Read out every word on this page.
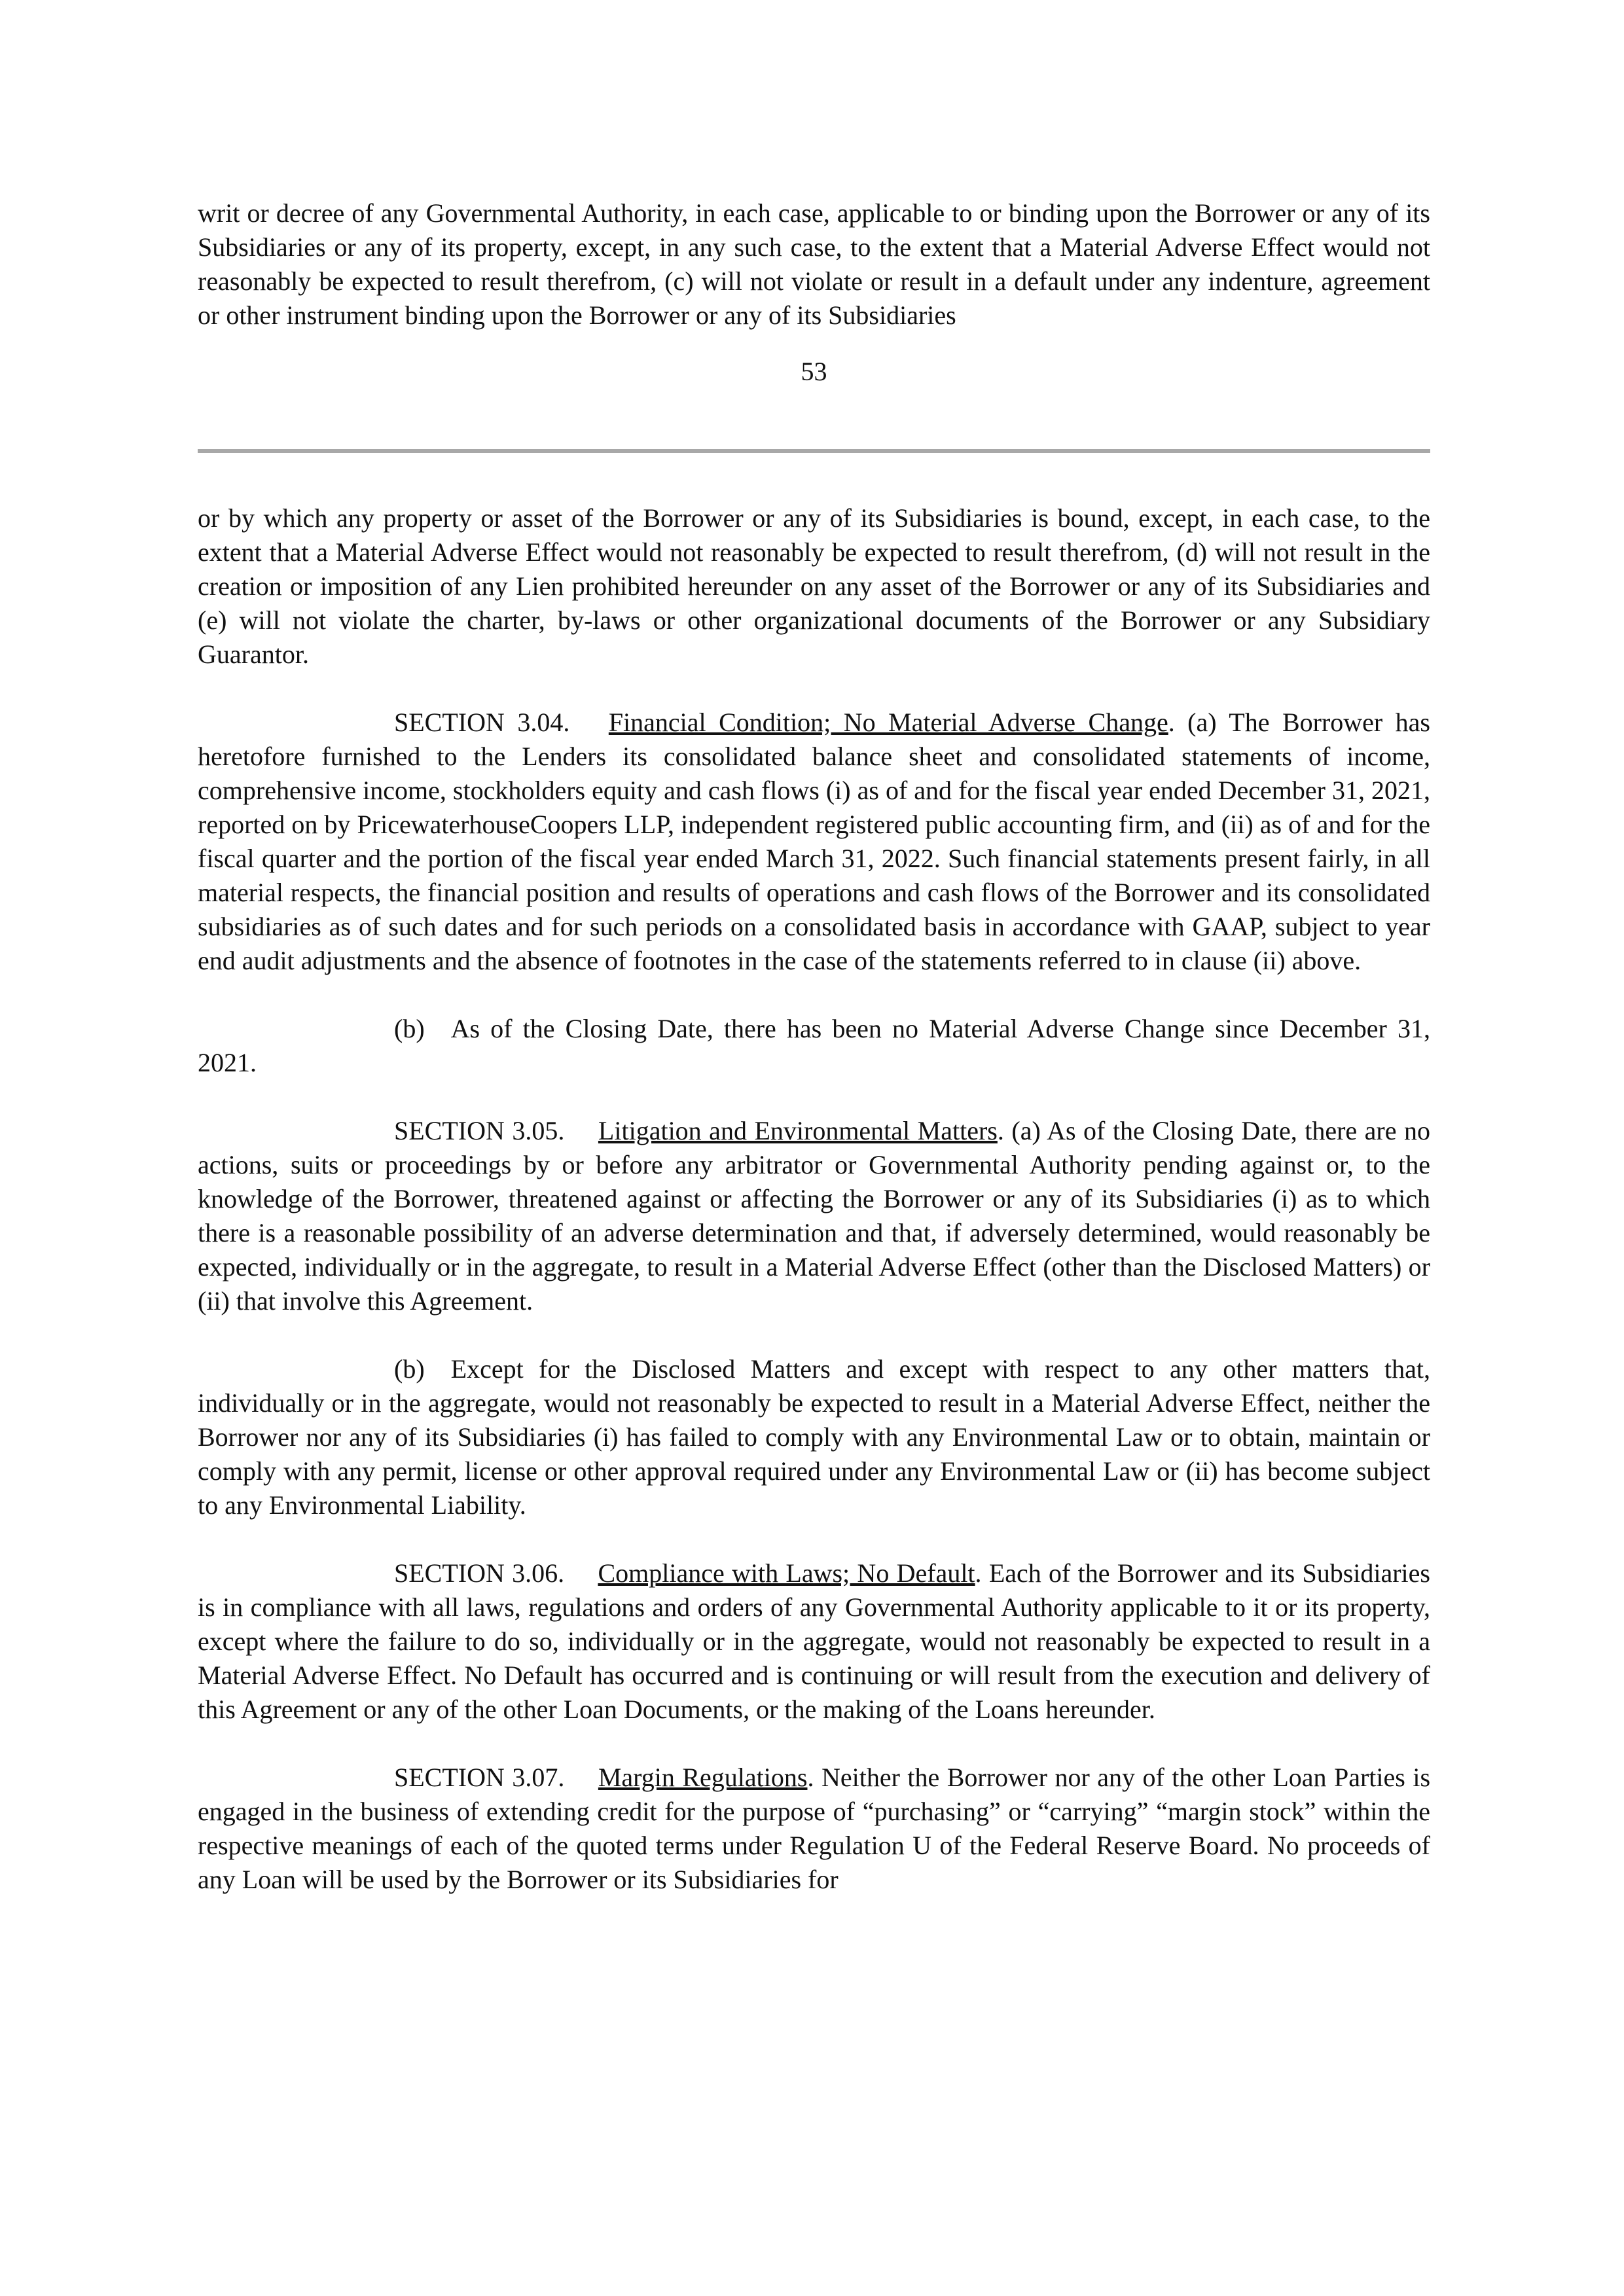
writ or decree of any Governmental Authority, in each case, applicable to or binding upon the Borrower or any of its Subsidiaries or any of its property, except, in any such case, to the extent that a Material Adverse Effect would not reasonably be expected to result therefrom, (c) will not violate or result in a default under any indenture, agreement or other instrument binding upon the Borrower or any of its Subsidiaries

53

or by which any property or asset of the Borrower or any of its Subsidiaries is bound, except, in each case, to the extent that a Material Adverse Effect would not reasonably be expected to result therefrom, (d) will not result in the creation or imposition of any Lien prohibited hereunder on any asset of the Borrower or any of its Subsidiaries and (e) will not violate the charter, by-laws or other organizational documents of the Borrower or any Subsidiary Guarantor.

SECTION 3.04.  Financial Condition; No Material Adverse Change. (a) The Borrower has heretofore furnished to the Lenders its consolidated balance sheet and consolidated statements of income, comprehensive income, stockholders equity and cash flows (i) as of and for the fiscal year ended December 31, 2021, reported on by PricewaterhouseCoopers LLP, independent registered public accounting firm, and (ii) as of and for the fiscal quarter and the portion of the fiscal year ended March 31, 2022. Such financial statements present fairly, in all material respects, the financial position and results of operations and cash flows of the Borrower and its consolidated subsidiaries as of such dates and for such periods on a consolidated basis in accordance with GAAP, subject to year end audit adjustments and the absence of footnotes in the case of the statements referred to in clause (ii) above.

(b) As of the Closing Date, there has been no Material Adverse Change since December 31, 2021.

SECTION 3.05.  Litigation and Environmental Matters. (a) As of the Closing Date, there are no actions, suits or proceedings by or before any arbitrator or Governmental Authority pending against or, to the knowledge of the Borrower, threatened against or affecting the Borrower or any of its Subsidiaries (i) as to which there is a reasonable possibility of an adverse determination and that, if adversely determined, would reasonably be expected, individually or in the aggregate, to result in a Material Adverse Effect (other than the Disclosed Matters) or (ii) that involve this Agreement.

(b) Except for the Disclosed Matters and except with respect to any other matters that, individually or in the aggregate, would not reasonably be expected to result in a Material Adverse Effect, neither the Borrower nor any of its Subsidiaries (i) has failed to comply with any Environmental Law or to obtain, maintain or comply with any permit, license or other approval required under any Environmental Law or (ii) has become subject to any Environmental Liability.

SECTION 3.06.  Compliance with Laws; No Default. Each of the Borrower and its Subsidiaries is in compliance with all laws, regulations and orders of any Governmental Authority applicable to it or its property, except where the failure to do so, individually or in the aggregate, would not reasonably be expected to result in a Material Adverse Effect. No Default has occurred and is continuing or will result from the execution and delivery of this Agreement or any of the other Loan Documents, or the making of the Loans hereunder.

SECTION 3.07.  Margin Regulations. Neither the Borrower nor any of the other Loan Parties is engaged in the business of extending credit for the purpose of “purchasing” or “carrying” “margin stock” within the respective meanings of each of the quoted terms under Regulation U of the Federal Reserve Board. No proceeds of any Loan will be used by the Borrower or its Subsidiaries for
